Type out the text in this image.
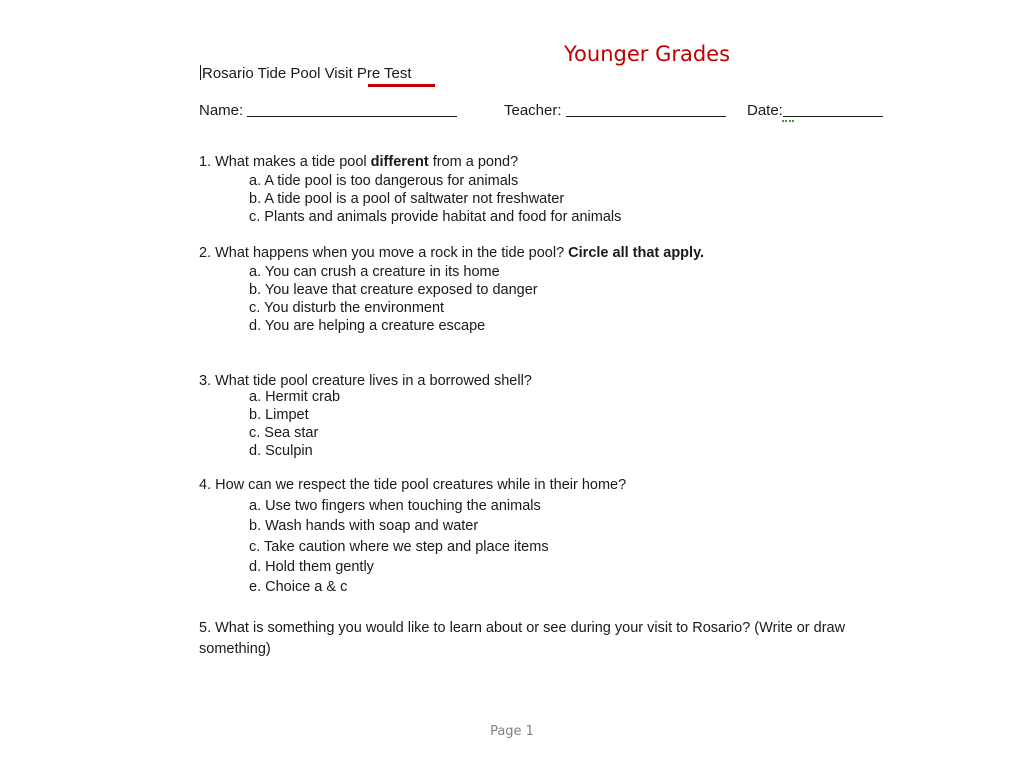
Younger Grades
Rosario Tide Pool Visit Pre Test
Name:	Teacher:	Date:
1. What makes a tide pool different from a pond?
a. A tide pool is too dangerous for animals
b. A tide pool is a pool of saltwater not freshwater
c. Plants and animals provide habitat and food for animals
2. What happens when you move a rock in the tide pool? Circle all that apply.
a. You can crush a creature in its home
b. You leave that creature exposed to danger
c. You disturb the environment
d. You are helping a creature escape
3. What tide pool creature lives in a borrowed shell?
a. Hermit crab
b. Limpet
c. Sea star
d. Sculpin
4. How can we respect the tide pool creatures while in their home?
a. Use two fingers when touching the animals
b. Wash hands with soap and water
c. Take caution where we step and place items
d. Hold them gently
e. Choice a & c
5. What is something you would like to learn about or see during your visit to Rosario? (Write or draw
something)
Page 1
